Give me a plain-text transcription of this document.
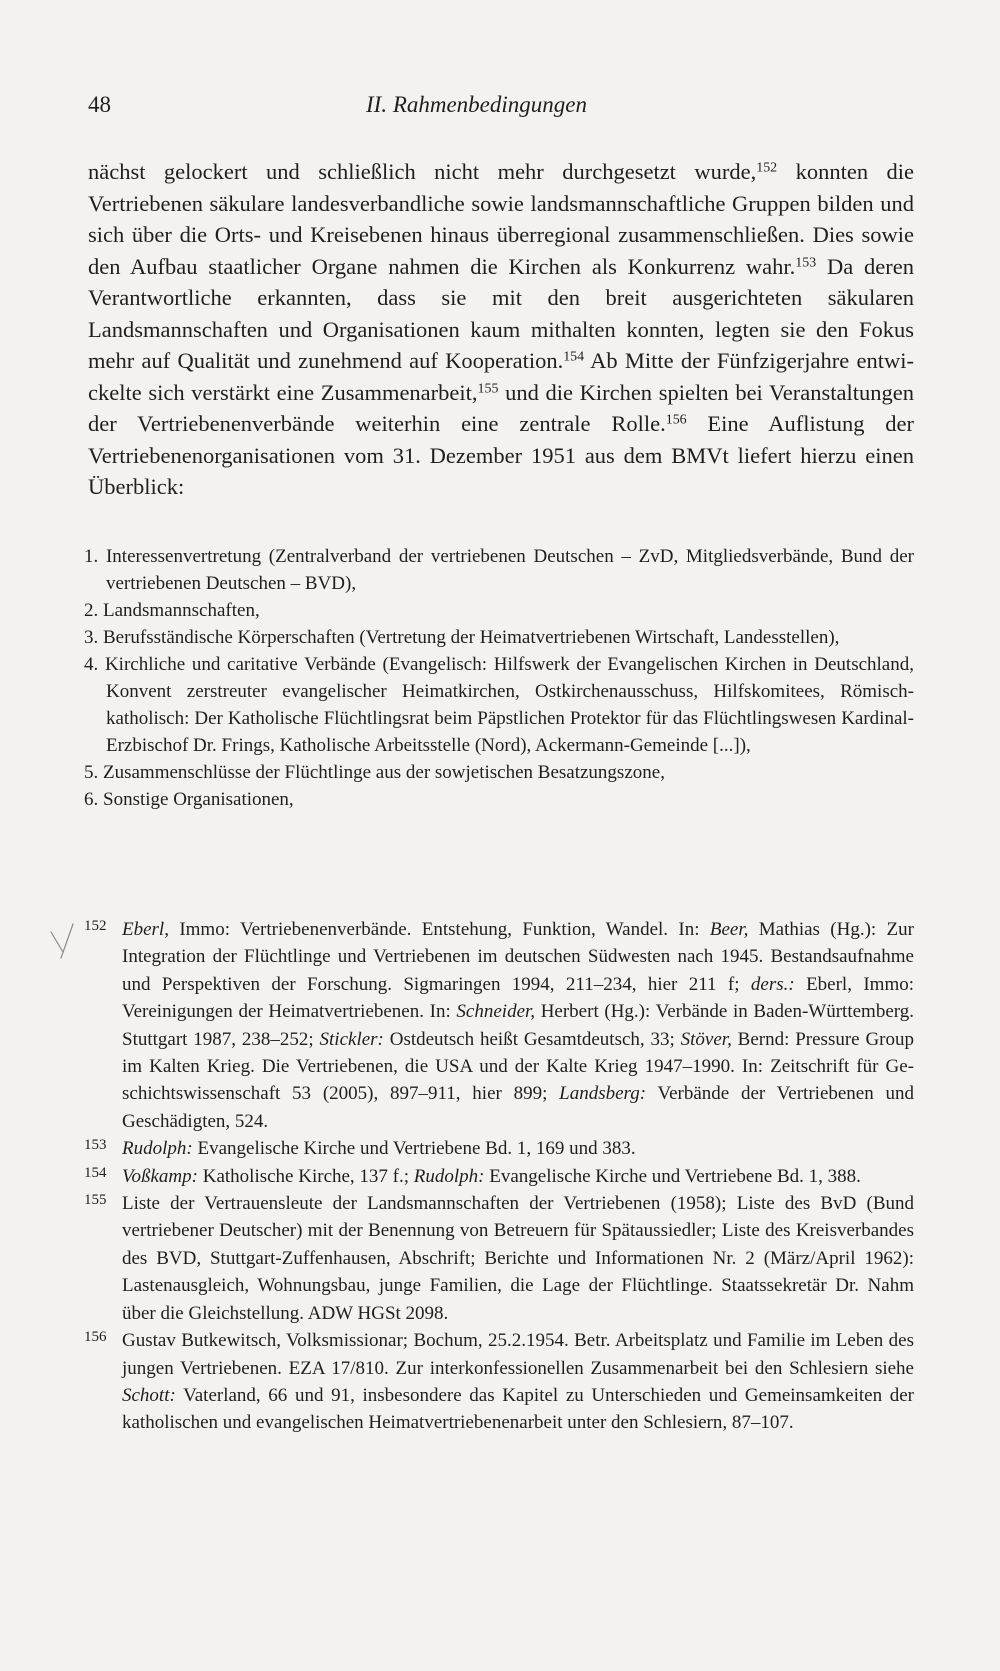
48	II. Rahmenbedingungen

nächst gelockert und schließlich nicht mehr durchgesetzt wurde,$^{152}$ konnten die Vertriebenen säkulare landesverbandliche sowie landsmannschaftliche Gruppen bilden und sich über die Orts- und Kreisebenen hinaus überregional zusammenschließen. Dies sowie den Aufbau staatlicher Organe nahmen die Kirchen als Konkurrenz wahr.$^{153}$ Da deren Verantwortliche erkannten, dass sie mit den breit ausgerichteten säkularen Landsmannschaften und Organisationen kaum mithalten konnten, legten sie den Fokus mehr auf Qualität und zunehmend auf Kooperation.$^{154}$ Ab Mitte der Fünfzigerjahre entwickelte sich verstärkt eine Zusammenarbeit,$^{155}$ und die Kirchen spielten bei Veranstaltungen der Vertriebenenverbände weiterhin eine zentrale Rolle.$^{156}$ Eine Auflistung der Vertriebenenorganisationen vom 31. Dezember 1951 aus dem BMVt liefert hierzu einen Überblick:

1. Interessenvertretung (Zentralverband der vertriebenen Deutschen – ZvD, Mitgliedsverbände, Bund der vertriebenen Deutschen – BVD),
2. Landsmannschaften,
3. Berufsständische Körperschaften (Vertretung der Heimatvertriebenen Wirtschaft, Landesstellen),
4. Kirchliche und caritative Verbände (Evangelisch: Hilfswerk der Evangelischen Kirchen in Deutschland, Konvent zerstreuter evangelischer Heimatkirchen, Ostkirchenausschuss, Hilfskomitees, Römisch-katholisch: Der Katholische Flüchtlingsrat beim Päpstlichen Protektor für das Flüchtlingswesen Kardinal-Erzbischof Dr. Frings, Katholische Arbeitsstelle (Nord), Ackermann-Gemeinde [...]),
5. Zusammenschlüsse der Flüchtlinge aus der sowjetischen Besatzungszone,
6. Sonstige Organisationen,

152 Eberl, Immo: Vertriebenenverbände. Entstehung, Funktion, Wandel. In: Beer, Mathias (Hg.): Zur Integration der Flüchtlinge und Vertriebenen im deutschen Südwesten nach 1945. Bestandsaufnahme und Perspektiven der Forschung. Sigmaringen 1994, 211–234, hier 211 f; ders.: Eberl, Immo: Vereinigungen der Heimatvertriebenen. In: Schneider, Herbert (Hg.): Verbände in Baden-Württemberg. Stuttgart 1987, 238–252; Stickler: Ostdeutsch heißt Gesamtdeutsch, 33; Stöver, Bernd: Pressure Group im Kalten Krieg. Die Vertriebenen, die USA und der Kalte Krieg 1947–1990. In: Zeitschrift für Geschichtswissenschaft 53 (2005), 897–911, hier 899; Landsberg: Verbände der Vertriebenen und Geschädigten, 524.

153 Rudolph: Evangelische Kirche und Vertriebene Bd. 1, 169 und 383.

154 Voßkamp: Katholische Kirche, 137 f.; Rudolph: Evangelische Kirche und Vertriebene Bd. 1, 388.

155 Liste der Vertrauensleute der Landsmannschaften der Vertriebenen (1958); Liste des BvD (Bund vertriebener Deutscher) mit der Benennung von Betreuern für Spätaussiedler; Liste des Kreisverbandes des BVD, Stuttgart-Zuffenhausen, Abschrift; Berichte und Informationen Nr. 2 (März/April 1962): Lastenausgleich, Wohnungsbau, junge Familien, die Lage der Flüchtlinge. Staatssekretär Dr. Nahm über die Gleichstellung. ADW HGSt 2098.

156 Gustav Butkewitsch, Volksmissionar; Bochum, 25.2.1954. Betr. Arbeitsplatz und Familie im Leben des jungen Vertriebenen. EZA 17/810. Zur interkonfessionellen Zusammenarbeit bei den Schlesiern siehe Schott: Vaterland, 66 und 91, insbesondere das Kapitel zu Unterschieden und Gemeinsamkeiten der katholischen und evangelischen Heimatvertriebenenarbeit unter den Schlesiern, 87–107.
